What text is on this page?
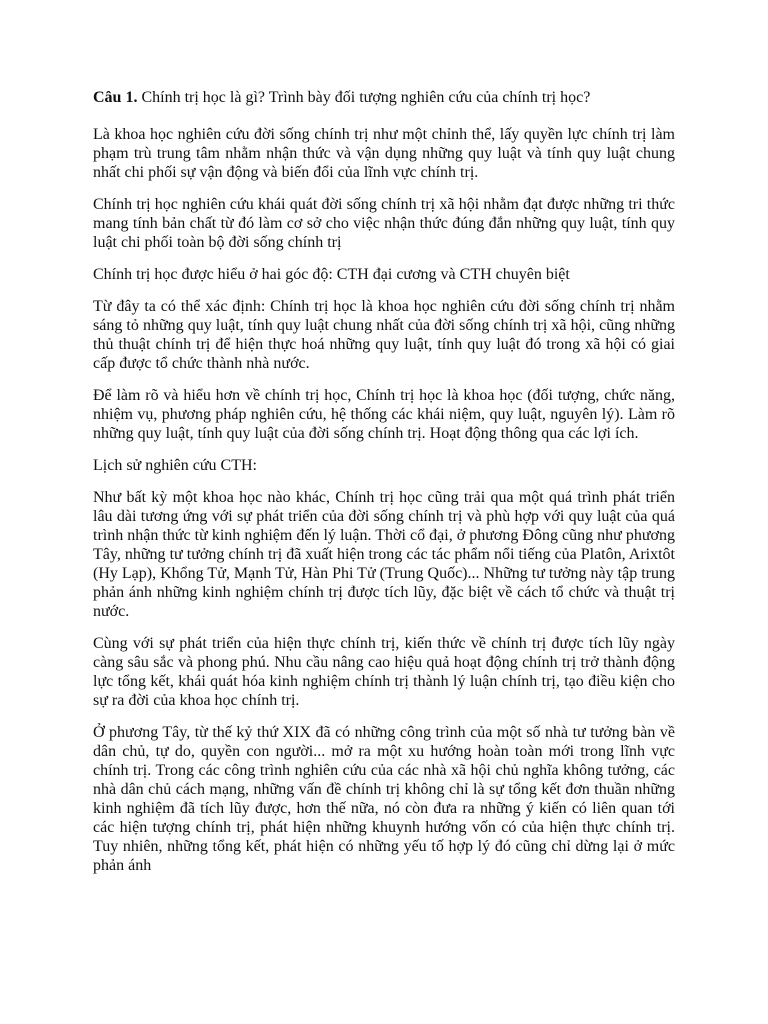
Câu 1. Chính trị học là gì? Trình bày đối tượng nghiên cứu của chính trị học?

Là khoa học nghiên cứu đời sống chính trị như một chỉnh thể, lấy quyền lực chính trị làm phạm trù trung tâm nhằm nhận thức và vận dụng những quy luật và tính quy luật chung nhất chi phối sự vận động và biến đổi của lĩnh vực chính trị.

Chính trị học nghiên cứu khái quát đời sống chính trị xã hội nhằm đạt được những tri thức mang tính bản chất từ đó làm cơ sở cho việc nhận thức đúng đắn những quy luật, tính quy luật chi phối toàn bộ đời sống chính trị

Chính trị học được hiểu ở hai góc độ: CTH đại cương và CTH chuyên biệt

Từ đây ta có thể xác định: Chính trị học là khoa học nghiên cứu đời sống chính trị nhằm sáng tỏ những quy luật, tính quy luật chung nhất của đời sống chính trị xã hội, cũng những thủ thuật chính trị để hiện thực hoá những quy luật, tính quy luật đó trong xã hội có giai cấp được tổ chức thành nhà nước.

Để làm rõ và hiểu hơn về chính trị học, Chính trị học là khoa học (đối tượng, chức năng, nhiệm vụ, phương pháp nghiên cứu, hệ thống các khái niệm, quy luật, nguyên lý). Làm rõ những quy luật, tính quy luật của đời sống chính trị. Hoạt động thông qua các lợi ích.

Lịch sử nghiên cứu CTH:

Như bất kỳ một khoa học nào khác, Chính trị học cũng trải qua một quá trình phát triển lâu dài tương ứng với sự phát triển của đời sống chính trị và phù hợp với quy luật của quá trình nhận thức từ kinh nghiệm đến lý luận. Thời cổ đại, ở phương Đông cũng như phương Tây, những tư tưởng chính trị đã xuất hiện trong các tác phẩm nổi tiếng của Platôn, Arixtôt (Hy Lạp), Khổng Tử, Mạnh Tử, Hàn Phi Tử (Trung Quốc)... Những tư tưởng này tập trung phản ánh những kinh nghiệm chính trị được tích lũy, đặc biệt về cách tổ chức và thuật trị nước.

Cùng với sự phát triển của hiện thực chính trị, kiến thức về chính trị được tích lũy ngày càng sâu sắc và phong phú. Nhu cầu nâng cao hiệu quả hoạt động chính trị trở thành động lực tổng kết, khái quát hóa kinh nghiệm chính trị thành lý luận chính trị, tạo điều kiện cho sự ra đời của khoa học chính trị.

Ở phương Tây, từ thế kỷ thứ XIX đã có những công trình của một số nhà tư tưởng bàn về dân chủ, tự do, quyền con người... mở ra một xu hướng hoàn toàn mới trong lĩnh vực chính trị. Trong các công trình nghiên cứu của các nhà xã hội chủ nghĩa không tưởng, các nhà dân chủ cách mạng, những vấn đề chính trị không chỉ là sự tổng kết đơn thuần những kinh nghiệm đã tích lũy được, hơn thế nữa, nó còn đưa ra những ý kiến có liên quan tới các hiện tượng chính trị, phát hiện những khuynh hướng vốn có của hiện thực chính trị. Tuy nhiên, những tổng kết, phát hiện có những yếu tố hợp lý đó cũng chỉ dừng lại ở mức phản ánh
